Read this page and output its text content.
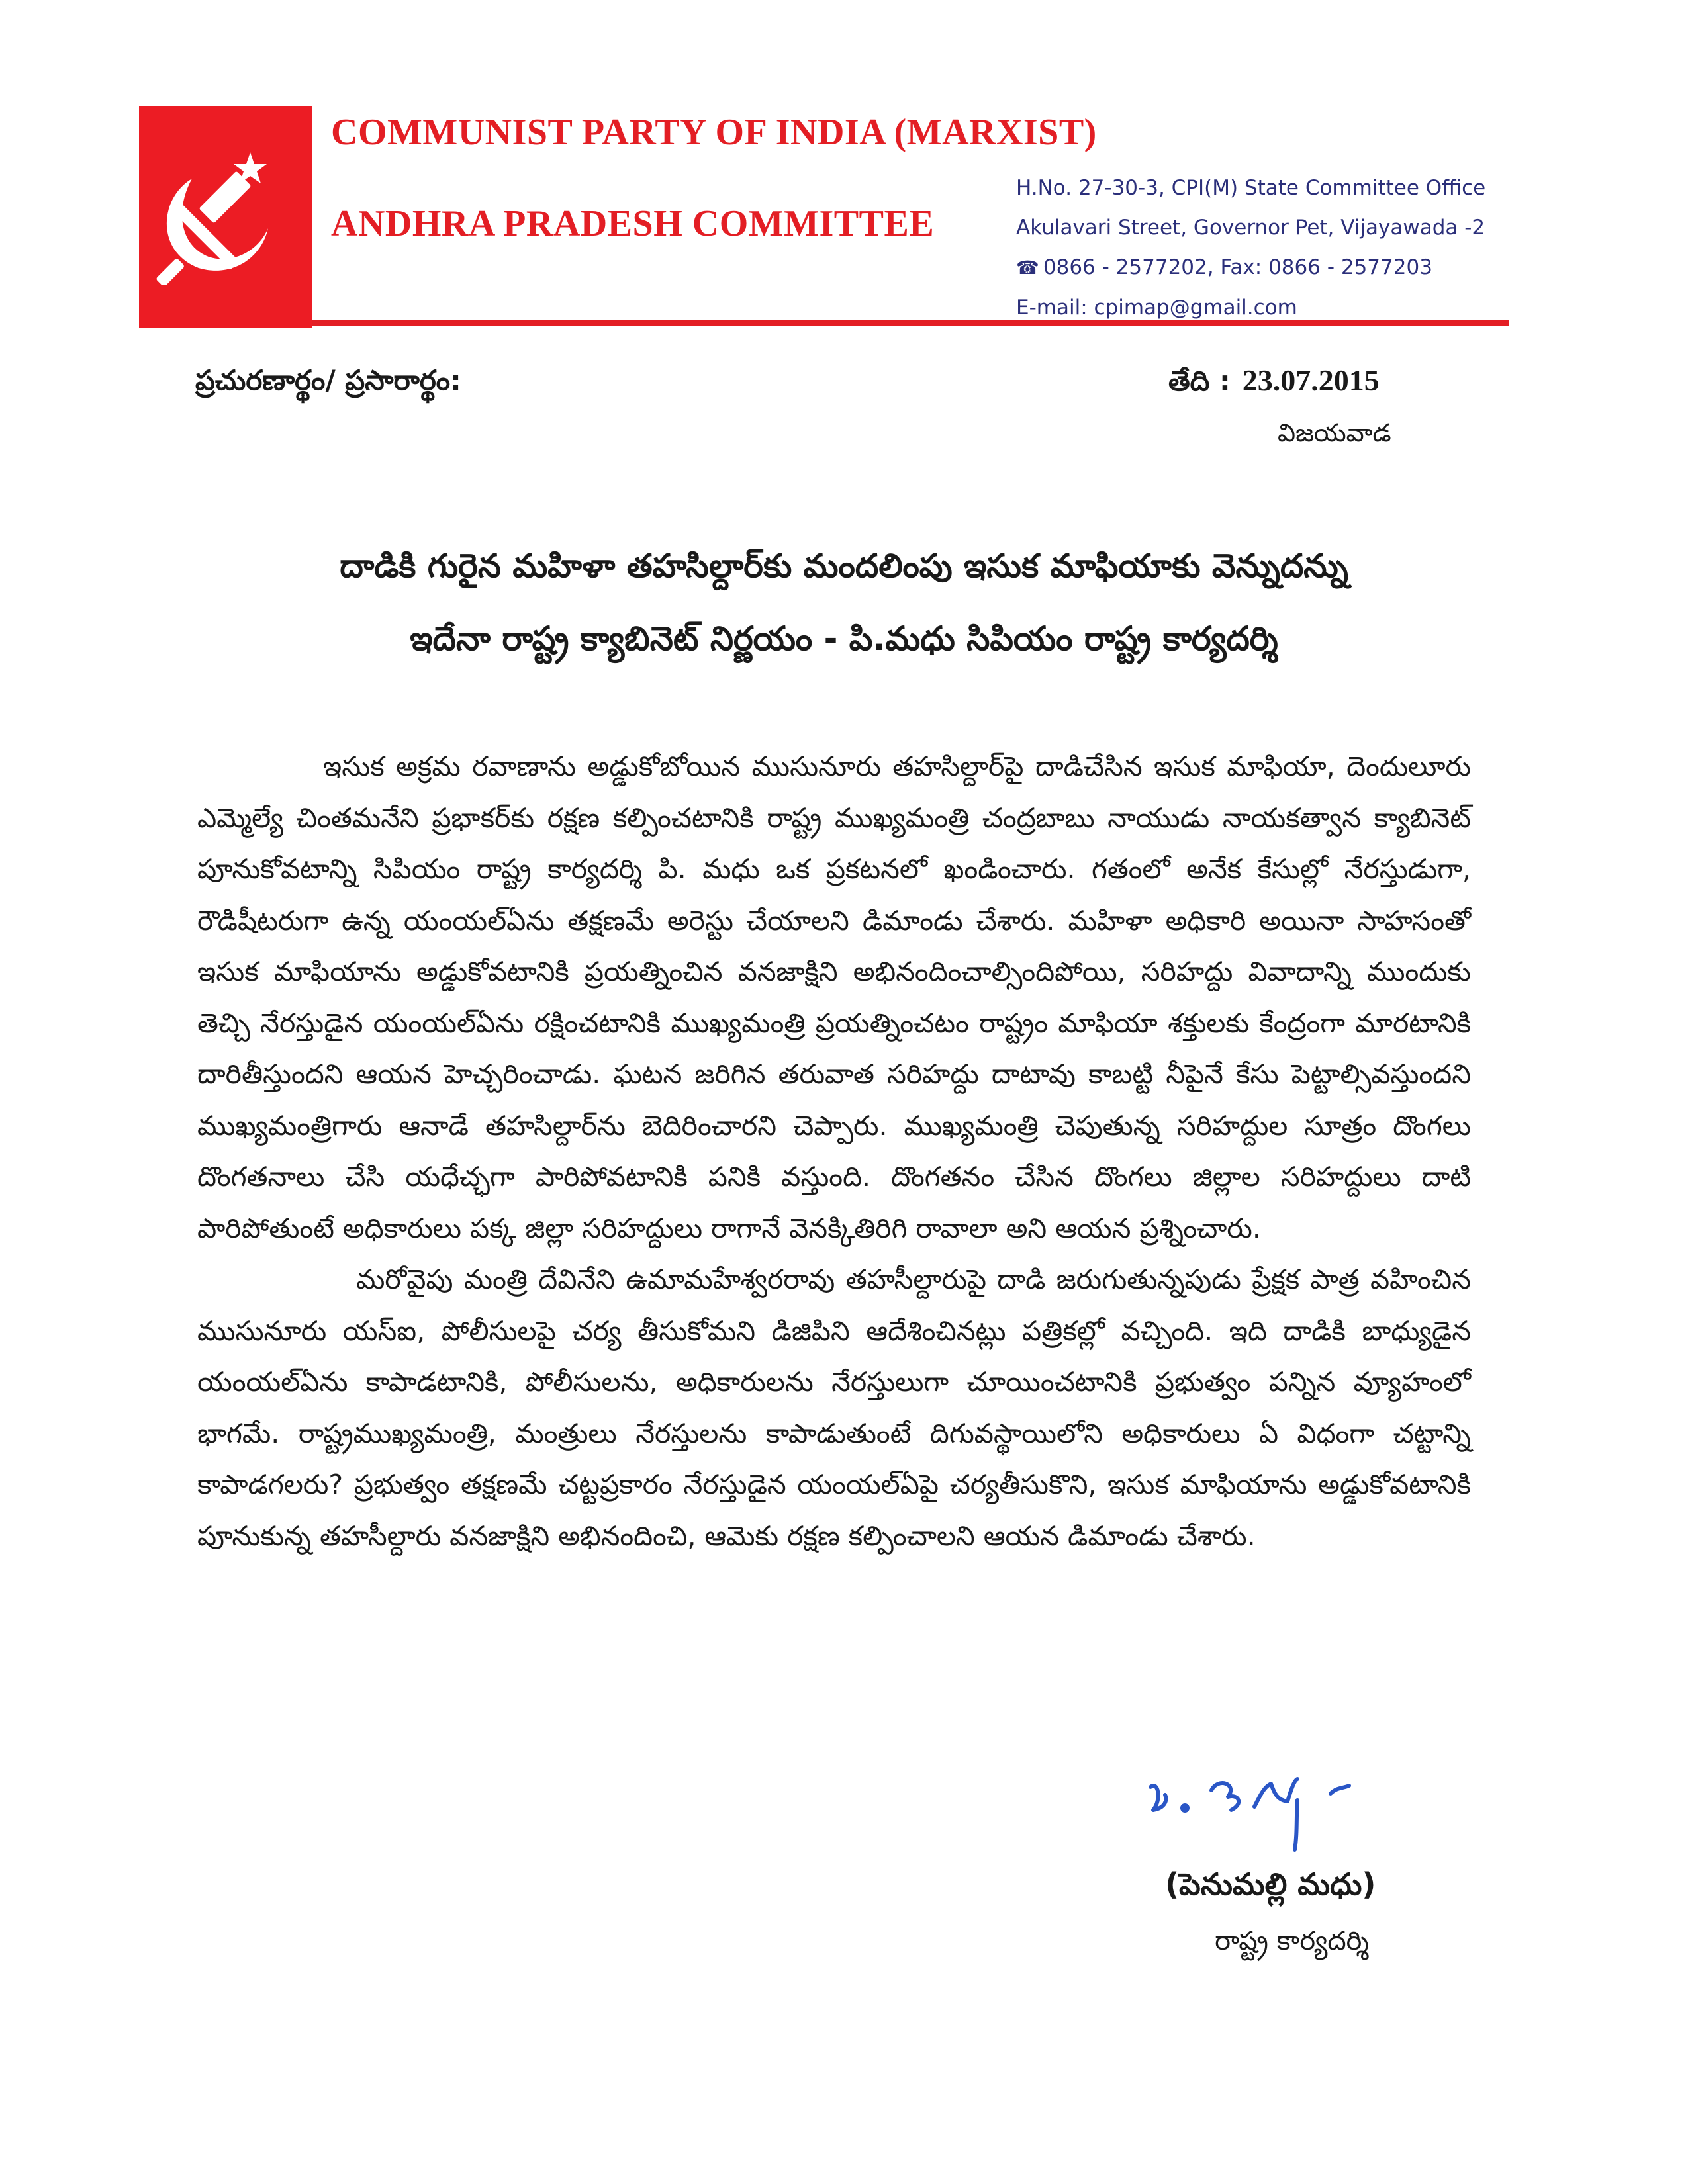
COMMUNIST PARTY OF INDIA (MARXIST)
ANDHRA PRADESH COMMITTEE
H.No. 27-30-3, CPI(M) State Committee Office
Akulavari Street, Governor Pet, Vijayawada -2
☎ 0866 - 2577202, Fax: 0866 - 2577203
E-mail: cpimap@gmail.com
ప్రచురణార్థం/ ప్రసారార్థం:	తేది : 23.07.2015
విజయవాడ
దాడికి గురైన మహిళా తహసిల్దార్‌కు మందలింపు ఇసుక మాఫియాకు వెన్నుదన్ను
ఇదేనా రాష్ట్ర క్యాబినెట్ నిర్ణయం - పి.మధు సిపియం రాష్ట్ర కార్యదర్శి

ఇసుక అక్రమ రవాణాను అడ్డుకోబోయిన ముసునూరు తహసిల్దార్‌పై దాడిచేసిన ఇసుక మాఫియా, దెందులూరు ఎమ్మెల్యే చింతమనేని ప్రభాకర్‌కు రక్షణ కల్పించటానికి రాష్ట్ర ముఖ్యమంత్రి చంద్రబాబు నాయుడు నాయకత్వాన క్యాబినెట్ పూనుకోవటాన్ని సిపియం రాష్ట్ర కార్యదర్శి పి. మధు ఒక ప్రకటనలో ఖండించారు. గతంలో అనేక కేసుల్లో నేరస్తుడుగా, రౌడిషీటరుగా ఉన్న యంయల్ఏను తక్షణమే అరెస్టు చేయాలని డిమాండు చేశారు. మహిళా అధికారి అయినా సాహసంతో ఇసుక మాఫియాను అడ్డుకోవటానికి ప్రయత్నించిన వనజాక్షిని అభినందించాల్సిందిపోయి, సరిహద్దు వివాదాన్ని ముందుకు తెచ్చి నేరస్తుడైన యంయల్ఏను రక్షించటానికి ముఖ్యమంత్రి ప్రయత్నించటం రాష్ట్రం మాఫియా శక్తులకు కేంద్రంగా మారటానికి దారితీస్తుందని ఆయన హెచ్చరించాడు. ఘటన జరిగిన తరువాత సరిహద్దు దాటావు కాబట్టి నీపైనే కేసు పెట్టాల్సివస్తుందని ముఖ్యమంత్రిగారు ఆనాడే తహసిల్దార్‌ను బెదిరించారని చెప్పారు. ముఖ్యమంత్రి చెపుతున్న సరిహద్దుల సూత్రం దొంగలు దొంగతనాలు చేసి యధేచ్ఛగా పారిపోవటానికి పనికి వస్తుంది. దొంగతనం చేసిన దొంగలు జిల్లాల సరిహద్దులు దాటి పారిపోతుంటే అధికారులు పక్క జిల్లా సరిహద్దులు రాగానే వెనక్కితిరిగి రావాలా అని ఆయన ప్రశ్నించారు.

మరోవైపు మంత్రి దేవినేని ఉమామహేశ్వరరావు తహసీల్దారుపై దాడి జరుగుతున్నపుడు ప్రేక్షక పాత్ర వహించిన ముసునూరు యస్ఐ, పోలీసులపై చర్య తీసుకోమని డిజిపిని ఆదేశించినట్లు పత్రికల్లో వచ్చింది. ఇది దాడికి బాధ్యుడైన యంయల్ఏను కాపాడటానికి, పోలీసులను, అధికారులను నేరస్తులుగా చూయించటానికి ప్రభుత్వం పన్నిన వ్యూహంలో భాగమే. రాష్ట్రముఖ్యమంత్రి, మంత్రులు నేరస్తులను కాపాడుతుంటే దిగువస్థాయిలోని అధికారులు ఏ విధంగా చట్టాన్ని కాపాడగలరు? ప్రభుత్వం తక్షణమే చట్టప్రకారం నేరస్తుడైన యంయల్ఏపై చర్యతీసుకొని, ఇసుక మాఫియాను అడ్డుకోవటానికి పూనుకున్న తహసీల్దారు వనజాక్షిని అభినందించి, ఆమెకు రక్షణ కల్పించాలని ఆయన డిమాండు చేశారు.

(పెనుమల్లి మధు)
రాష్ట్ర కార్యదర్శి
